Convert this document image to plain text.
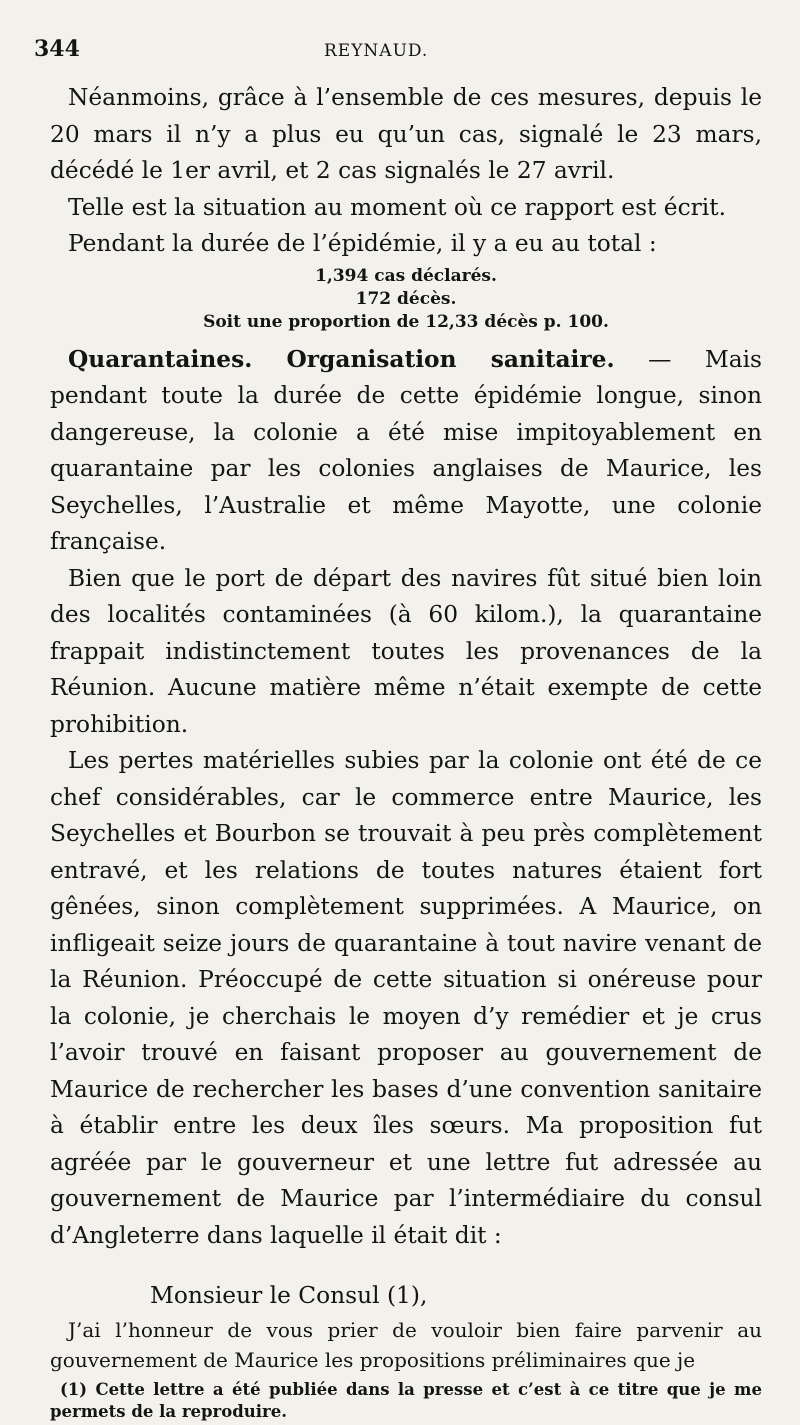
344	REYNAUD.

Néanmoins, grâce à l’ensemble de ces mesures, depuis le 20 mars il n’y a plus eu qu’un cas, signalé le 23 mars, décédé le 1er avril, et 2 cas signalés le 27 avril.

Telle est la situation au moment où ce rapport est écrit.

Pendant la durée de l’épidémie, il y a eu au total :

1,394 cas déclarés.
172 décès.
Soit une proportion de 12,33 décès p. 100.

Quarantaines. Organisation sanitaire. — Mais pendant toute la durée de cette épidémie longue, sinon dangereuse, la colonie a été mise impitoyablement en quarantaine par les colonies anglaises de Maurice, les Seychelles, l’Australie et même Mayotte, une colonie française.

Bien que le port de départ des navires fût situé bien loin des localités contaminées (à 60 kilom.), la quarantaine frappait indistinctement toutes les provenances de la Réunion. Aucune matière même n’était exempte de cette prohibition.

Les pertes matérielles subies par la colonie ont été de ce chef considérables, car le commerce entre Maurice, les Seychelles et Bourbon se trouvait à peu près complètement entravé, et les relations de toutes natures étaient fort gênées, sinon complètement supprimées. A Maurice, on infligeait seize jours de quarantaine à tout navire venant de la Réunion. Préoccupé de cette situation si onéreuse pour la colonie, je cherchais le moyen d’y remédier et je crus l’avoir trouvé en faisant proposer au gouvernement de Maurice de rechercher les bases d’une convention sanitaire à établir entre les deux îles sœurs. Ma proposition fut agréée par le gouverneur et une lettre fut adressée au gouvernement de Maurice par l’intermédiaire du consul d’Angleterre dans laquelle il était dit :

Monsieur le Consul (1),

J’ai l’honneur de vous prier de vouloir bien faire parvenir au gouvernement de Maurice les propositions préliminaires que je

(1) Cette lettre a été publiée dans la presse et c’est à ce titre que je me permets de la reproduire.
